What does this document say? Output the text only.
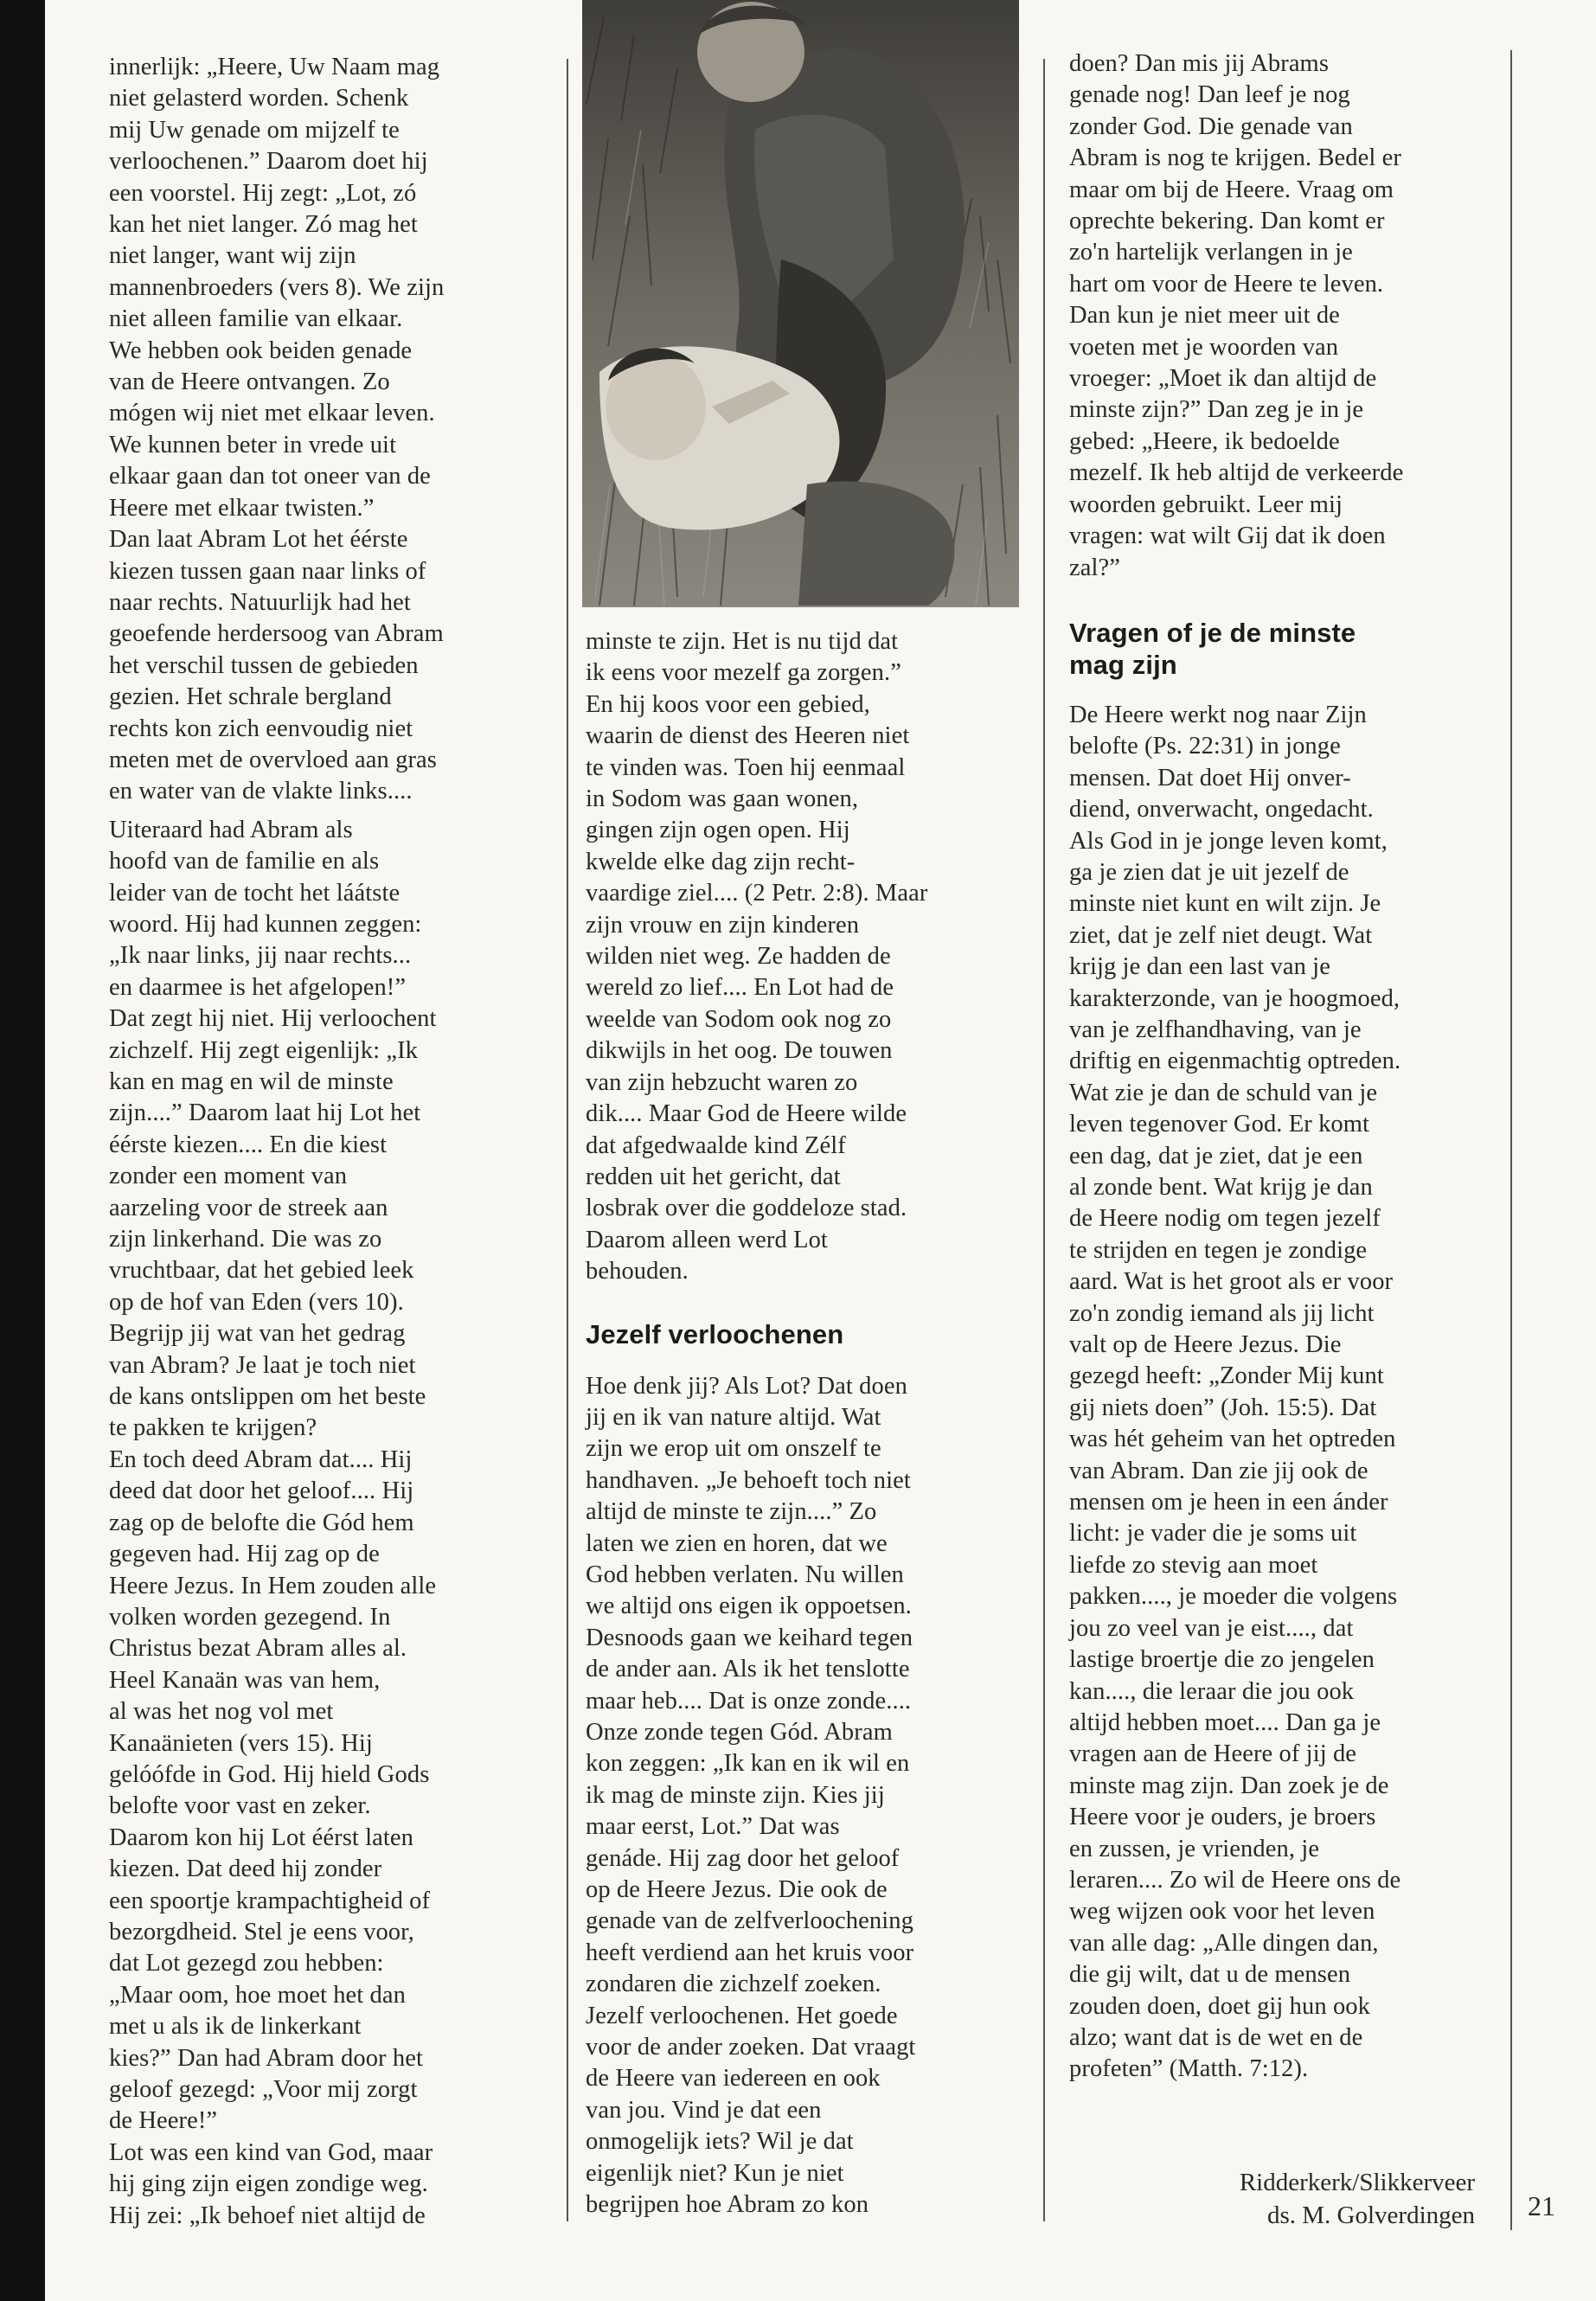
innerlijk: „Heere, Uw Naam mag
niet gelasterd worden. Schenk
mij Uw genade om mijzelf te
verloochenen.” Daarom doet hij
een voorstel. Hij zegt: „Lot, zó
kan het niet langer. Zó mag het
niet langer, want wij zijn
mannenbroeders (vers 8). We zijn
niet alleen familie van elkaar.
We hebben ook beiden genade
van de Heere ontvangen. Zo
mógen wij niet met elkaar leven.
We kunnen beter in vrede uit
elkaar gaan dan tot oneer van de
Heere met elkaar twisten.”
Dan laat Abram Lot het éérste
kiezen tussen gaan naar links of
naar rechts. Natuurlijk had het
geoefende herdersoog van Abram
het verschil tussen de gebieden
gezien. Het schrale bergland
rechts kon zich eenvoudig niet
meten met de overvloed aan gras
en water van de vlakte links....

Uiteraard had Abram als
hoofd van de familie en als
leider van de tocht het láátste
woord. Hij had kunnen zeggen:
„Ik naar links, jij naar rechts...
en daarmee is het afgelopen!”
Dat zegt hij niet. Hij verloochent
zichzelf. Hij zegt eigenlijk: „Ik
kan en mag en wil de minste
zijn....” Daarom laat hij Lot het
éérste kiezen.... En die kiest
zonder een moment van
aarzeling voor de streek aan
zijn linkerhand. Die was zo
vruchtbaar, dat het gebied leek
op de hof van Eden (vers 10).
Begrijp jij wat van het gedrag
van Abram? Je laat je toch niet
de kans ontslippen om het beste
te pakken te krijgen?
En toch deed Abram dat.... Hij
deed dat door het geloof.... Hij
zag op de belofte die Gód hem
gegeven had. Hij zag op de
Heere Jezus. In Hem zouden alle
volken worden gezegend. In
Christus bezat Abram alles al.
Heel Kanaän was van hem,
al was het nog vol met
Kanaänieten (vers 15). Hij
gelóófde in God. Hij hield Gods
belofte voor vast en zeker.
Daarom kon hij Lot éérst laten
kiezen. Dat deed hij zonder
een spoortje krampachtigheid of
bezorgdheid. Stel je eens voor,
dat Lot gezegd zou hebben:
„Maar oom, hoe moet het dan
met u als ik de linkerkant
kies?” Dan had Abram door het
geloof gezegd: „Voor mij zorgt
de Heere!”
Lot was een kind van God, maar
hij ging zijn eigen zondige weg.
Hij zei: „Ik behoef niet altijd de

minste te zijn. Het is nu tijd dat
ik eens voor mezelf ga zorgen.”
En hij koos voor een gebied,
waarin de dienst des Heeren niet
te vinden was. Toen hij eenmaal
in Sodom was gaan wonen,
gingen zijn ogen open. Hij
kwelde elke dag zijn recht-
vaardige ziel.... (2 Petr. 2:8). Maar
zijn vrouw en zijn kinderen
wilden niet weg. Ze hadden de
wereld zo lief.... En Lot had de
weelde van Sodom ook nog zo
dikwijls in het oog. De touwen
van zijn hebzucht waren zo
dik.... Maar God de Heere wilde
dat afgedwaalde kind Zélf
redden uit het gericht, dat
losbrak over die goddeloze stad.
Daarom alleen werd Lot
behouden.

Jezelf verloochenen

Hoe denk jij? Als Lot? Dat doen
jij en ik van nature altijd. Wat
zijn we erop uit om onszelf te
handhaven. „Je behoeft toch niet
altijd de minste te zijn....” Zo
laten we zien en horen, dat we
God hebben verlaten. Nu willen
we altijd ons eigen ik oppoetsen.
Desnoods gaan we keihard tegen
de ander aan. Als ik het tenslotte
maar heb.... Dat is onze zonde....
Onze zonde tegen Gód. Abram
kon zeggen: „Ik kan en ik wil en
ik mag de minste zijn. Kies jij
maar eerst, Lot.” Dat was
genáde. Hij zag door het geloof
op de Heere Jezus. Die ook de
genade van de zelfverloochening
heeft verdiend aan het kruis voor
zondaren die zichzelf zoeken.
Jezelf verloochenen. Het goede
voor de ander zoeken. Dat vraagt
de Heere van iedereen en ook
van jou. Vind je dat een
onmogelijk iets? Wil je dat
eigenlijk niet? Kun je niet
begrijpen hoe Abram zo kon

doen? Dan mis jij Abrams
genade nog! Dan leef je nog
zonder God. Die genade van
Abram is nog te krijgen. Bedel er
maar om bij de Heere. Vraag om
oprechte bekering. Dan komt er
zo'n hartelijk verlangen in je
hart om voor de Heere te leven.
Dan kun je niet meer uit de
voeten met je woorden van
vroeger: „Moet ik dan altijd de
minste zijn?” Dan zeg je in je
gebed: „Heere, ik bedoelde
mezelf. Ik heb altijd de verkeerde
woorden gebruikt. Leer mij
vragen: wat wilt Gij dat ik doen
zal?”

Vragen of je de minste
mag zijn

De Heere werkt nog naar Zijn
belofte (Ps. 22:31) in jonge
mensen. Dat doet Hij onver-
diend, onverwacht, ongedacht.
Als God in je jonge leven komt,
ga je zien dat je uit jezelf de
minste niet kunt en wilt zijn. Je
ziet, dat je zelf niet deugt. Wat
krijg je dan een last van je
karakterzonde, van je hoogmoed,
van je zelfhandhaving, van je
driftig en eigenmachtig optreden.
Wat zie je dan de schuld van je
leven tegenover God. Er komt
een dag, dat je ziet, dat je een
al zonde bent. Wat krijg je dan
de Heere nodig om tegen jezelf
te strijden en tegen je zondige
aard. Wat is het groot als er voor
zo'n zondig iemand als jij licht
valt op de Heere Jezus. Die
gezegd heeft: „Zonder Mij kunt
gij niets doen” (Joh. 15:5). Dat
was hét geheim van het optreden
van Abram. Dan zie jij ook de
mensen om je heen in een ánder
licht: je vader die je soms uit
liefde zo stevig aan moet
pakken...., je moeder die volgens
jou zo veel van je eist...., dat
lastige broertje die zo jengelen
kan...., die leraar die jou ook
altijd hebben moet.... Dan ga je
vragen aan de Heere of jij de
minste mag zijn. Dan zoek je de
Heere voor je ouders, je broers
en zussen, je vrienden, je
leraren.... Zo wil de Heere ons de
weg wijzen ook voor het leven
van alle dag: „Alle dingen dan,
die gij wilt, dat u de mensen
zouden doen, doet gij hun ook
alzo; want dat is de wet en de
profeten” (Matth. 7:12).

Ridderkerk/Slikkerveer

ds. M. Golverdingen 21
